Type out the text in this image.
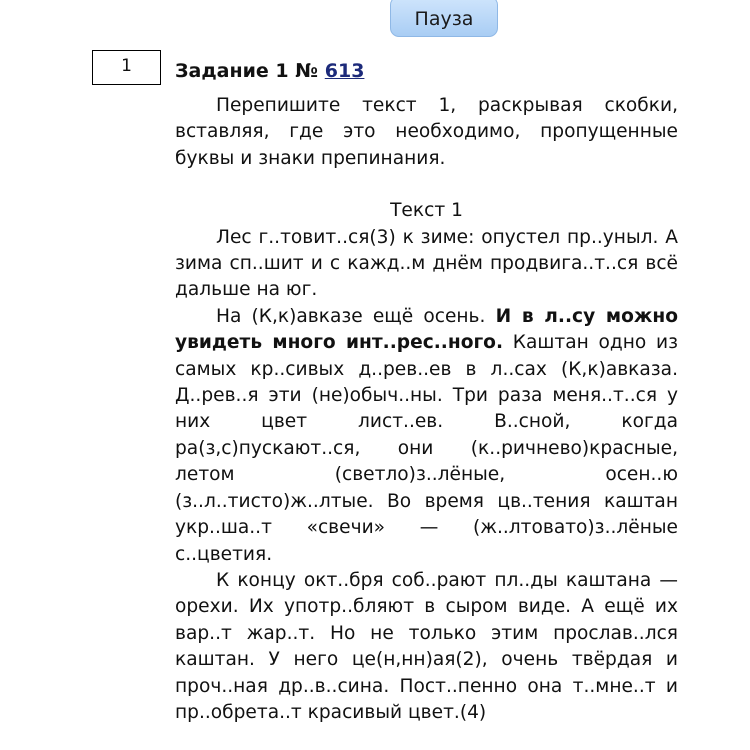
Пауза
1	Задание 1 № 613

Перепишите текст 1, раскрывая скобки, вставляя, где это необходимо, пропущенные буквы и знаки препинания.

Текст 1

Лес г..товит..ся(3) к зиме: опустел пр..уныл. А зима сп..шит и с кажд..м днём продвига..т..ся всё дальше на юг.

На (К,к)авказе ещё осень. И в л..су можно увидеть много инт..рес..ного. Каштан одно из самых кр..сивых д..рев..ев в л..сах (К,к)авказа. Д..рев..я эти (не)обыч..ны. Три раза меня..т..ся у них цвет лист..ев. В..сной, когда ра(з,с)пускают..ся, они (к..ричнево)красные, летом (светло)з..лёные, осен..ю (з..л..тисто)ж..лтые. Во время цв..тения каштан укр..ша..т «свечи» — (ж..лтовато)з..лёные с..цветия.

К концу окт..бря соб..рают пл..ды каштана — орехи. Их употр..бляют в сыром виде. А ещё их вар..т жар..т. Но не только этим прослав..лся каштан. У него це(н,нн)ая(2), очень твёрдая и проч..ная др..в..сина. Пост..пенно она т..мне..т и пр..обрета..т красивый цвет.(4)
